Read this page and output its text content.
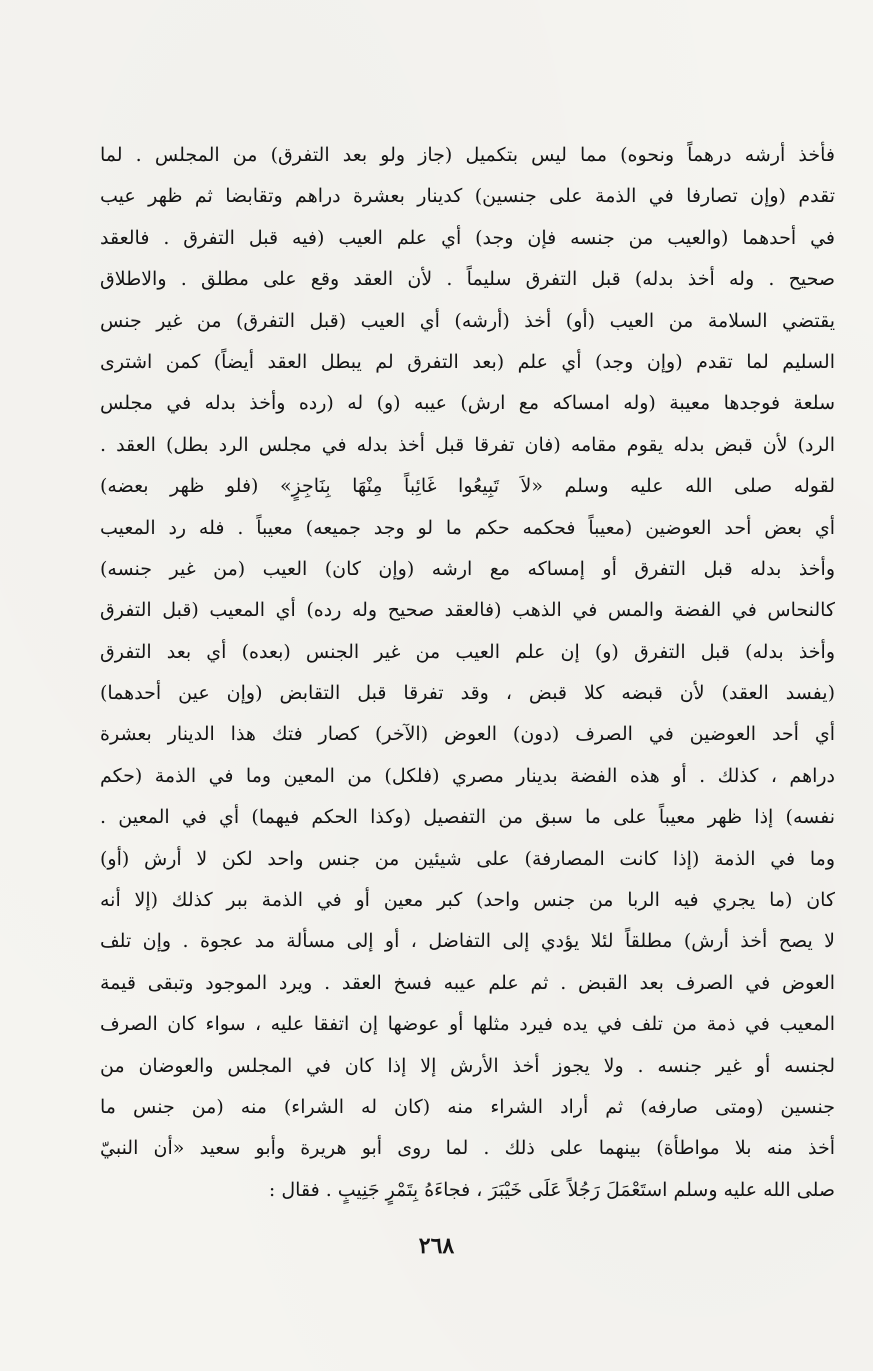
فأخذ أرشه درهماً ونحوه) مما ليس بتكميل (جاز ولو بعد التفرق) من المجلس . لما
تقدم (وإن تصارفا في الذمة على جنسين) كدينار بعشرة دراهم وتقابضا ثم ظهر عيب
في أحدهما (والعيب من جنسه فإن وجد) أي علم العيب (فيه قبل التفرق . فالعقد
صحيح . وله أخذ بدله) قبل التفرق سليماً . لأن العقد وقع على مطلق . والاطلاق
يقتضي السلامة من العيب (أو) أخذ (أرشه) أي العيب (قبل التفرق) من غير جنس
السليم لما تقدم (وإن وجد) أي علم (بعد التفرق لم يبطل العقد أيضاً) كمن اشترى
سلعة فوجدها معيبة (وله امساكه مع ارش) عيبه (و) له (رده وأخذ بدله في مجلس
الرد) لأن قبض بدله يقوم مقامه (فان تفرقا قبل أخذ بدله في مجلس الرد بطل) العقد .
لقوله صلى الله عليه وسلم «لاَ تَبِيعُوا غَائِباً مِنْهَا بِنَاجِزٍ» (فلو ظهر بعضه)
أي بعض أحد العوضين (معيباً فحكمه حكم ما لو وجد جميعه) معيباً . فله رد المعيب
وأخذ بدله قبل التفرق أو إمساكه مع ارشه (وإن كان) العيب (من غير جنسه)
كالنحاس في الفضة والمس في الذهب (فالعقد صحيح وله رده) أي المعيب (قبل التفرق
وأخذ بدله) قبل التفرق (و) إن علم العيب من غير الجنس (بعده) أي بعد التفرق
(يفسد العقد) لأن قبضه كلا قبض ، وقد تفرقا قبل التقابض (وإن عين أحدهما)
أي أحد العوضين في الصرف (دون) العوض (الآخر) كصار فتك هذا الدينار بعشرة
دراهم ، كذلك . أو هذه الفضة بدينار مصري (فلكل) من المعين وما في الذمة (حكم
نفسه) إذا ظهر معيباً على ما سبق من التفصيل (وكذا الحكم فيهما) أي في المعين .
وما في الذمة (إذا كانت المصارفة) على شيئين من جنس واحد لكن لا أرش (أو)
كان (ما يجري فيه الربا من جنس واحد) كبر معين أو في الذمة ببر كذلك (إلا أنه
لا يصح أخذ أرش) مطلقاً لئلا يؤدي إلى التفاضل ، أو إلى مسألة مد عجوة . وإن تلف
العوض في الصرف بعد القبض . ثم علم عيبه فسخ العقد . ويرد الموجود وتبقى قيمة
المعيب في ذمة من تلف في يده فيرد مثلها أو عوضها إن اتفقا عليه ، سواء كان الصرف
لجنسه أو غير جنسه . ولا يجوز أخذ الأرش إلا إذا كان في المجلس والعوضان من
جنسين (ومتى صارفه) ثم أراد الشراء منه (كان له الشراء) منه (من جنس ما
أخذ منه بلا مواطأة) بينهما على ذلك . لما روى أبو هريرة وأبو سعيد «أن النبيّ
صلى الله عليه وسلم استَعْمَلَ رَجُلاً عَلَى خَيْبَرَ ، فجاءَهُ بِتَمْرٍ جَنِيبٍ . فقال :
٢٦٨
